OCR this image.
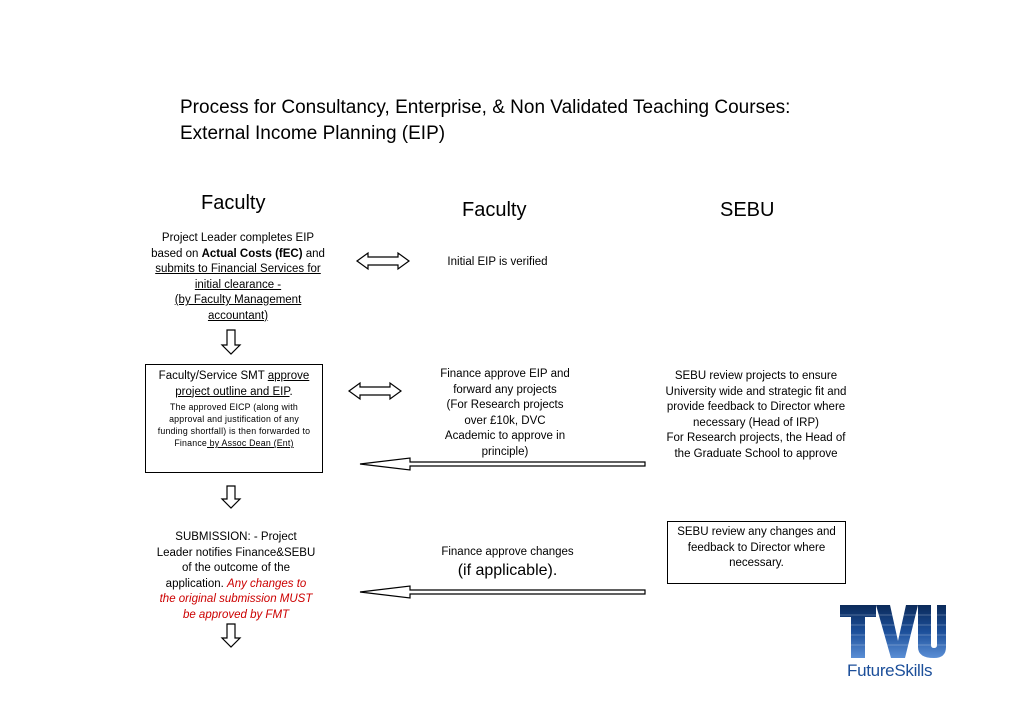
Process for Consultancy, Enterprise, & Non Validated Teaching Courses:
External Income Planning (EIP)
Faculty	Faculty	SEBU
Project Leader completes EIP
based on Actual Costs (fEC) and
submits to Financial Services for
initial clearance -
(by Faculty Management
accountant)
Initial EIP is verified
Faculty/Service SMT approve
project outline and EIP.
The approved EICP (along with
approval and justification of any
funding shortfall) is then forwarded to
Finance by Assoc Dean (Ent)
Finance approve EIP and
forward any projects
(For Research projects
over £10k, DVC
Academic to approve in
principle)
SEBU review projects to ensure
University wide and strategic fit and
provide feedback to Director where
necessary (Head of IRP)
For Research projects, the Head of
the Graduate School to approve
SUBMISSION: - Project
Leader notifies Finance&SEBU
of the outcome of the
application. Any changes to
the original submission MUST
be approved by FMT
Finance approve changes
(if applicable).
SEBU review any changes and
feedback to Director where
necessary.
FutureSkills
